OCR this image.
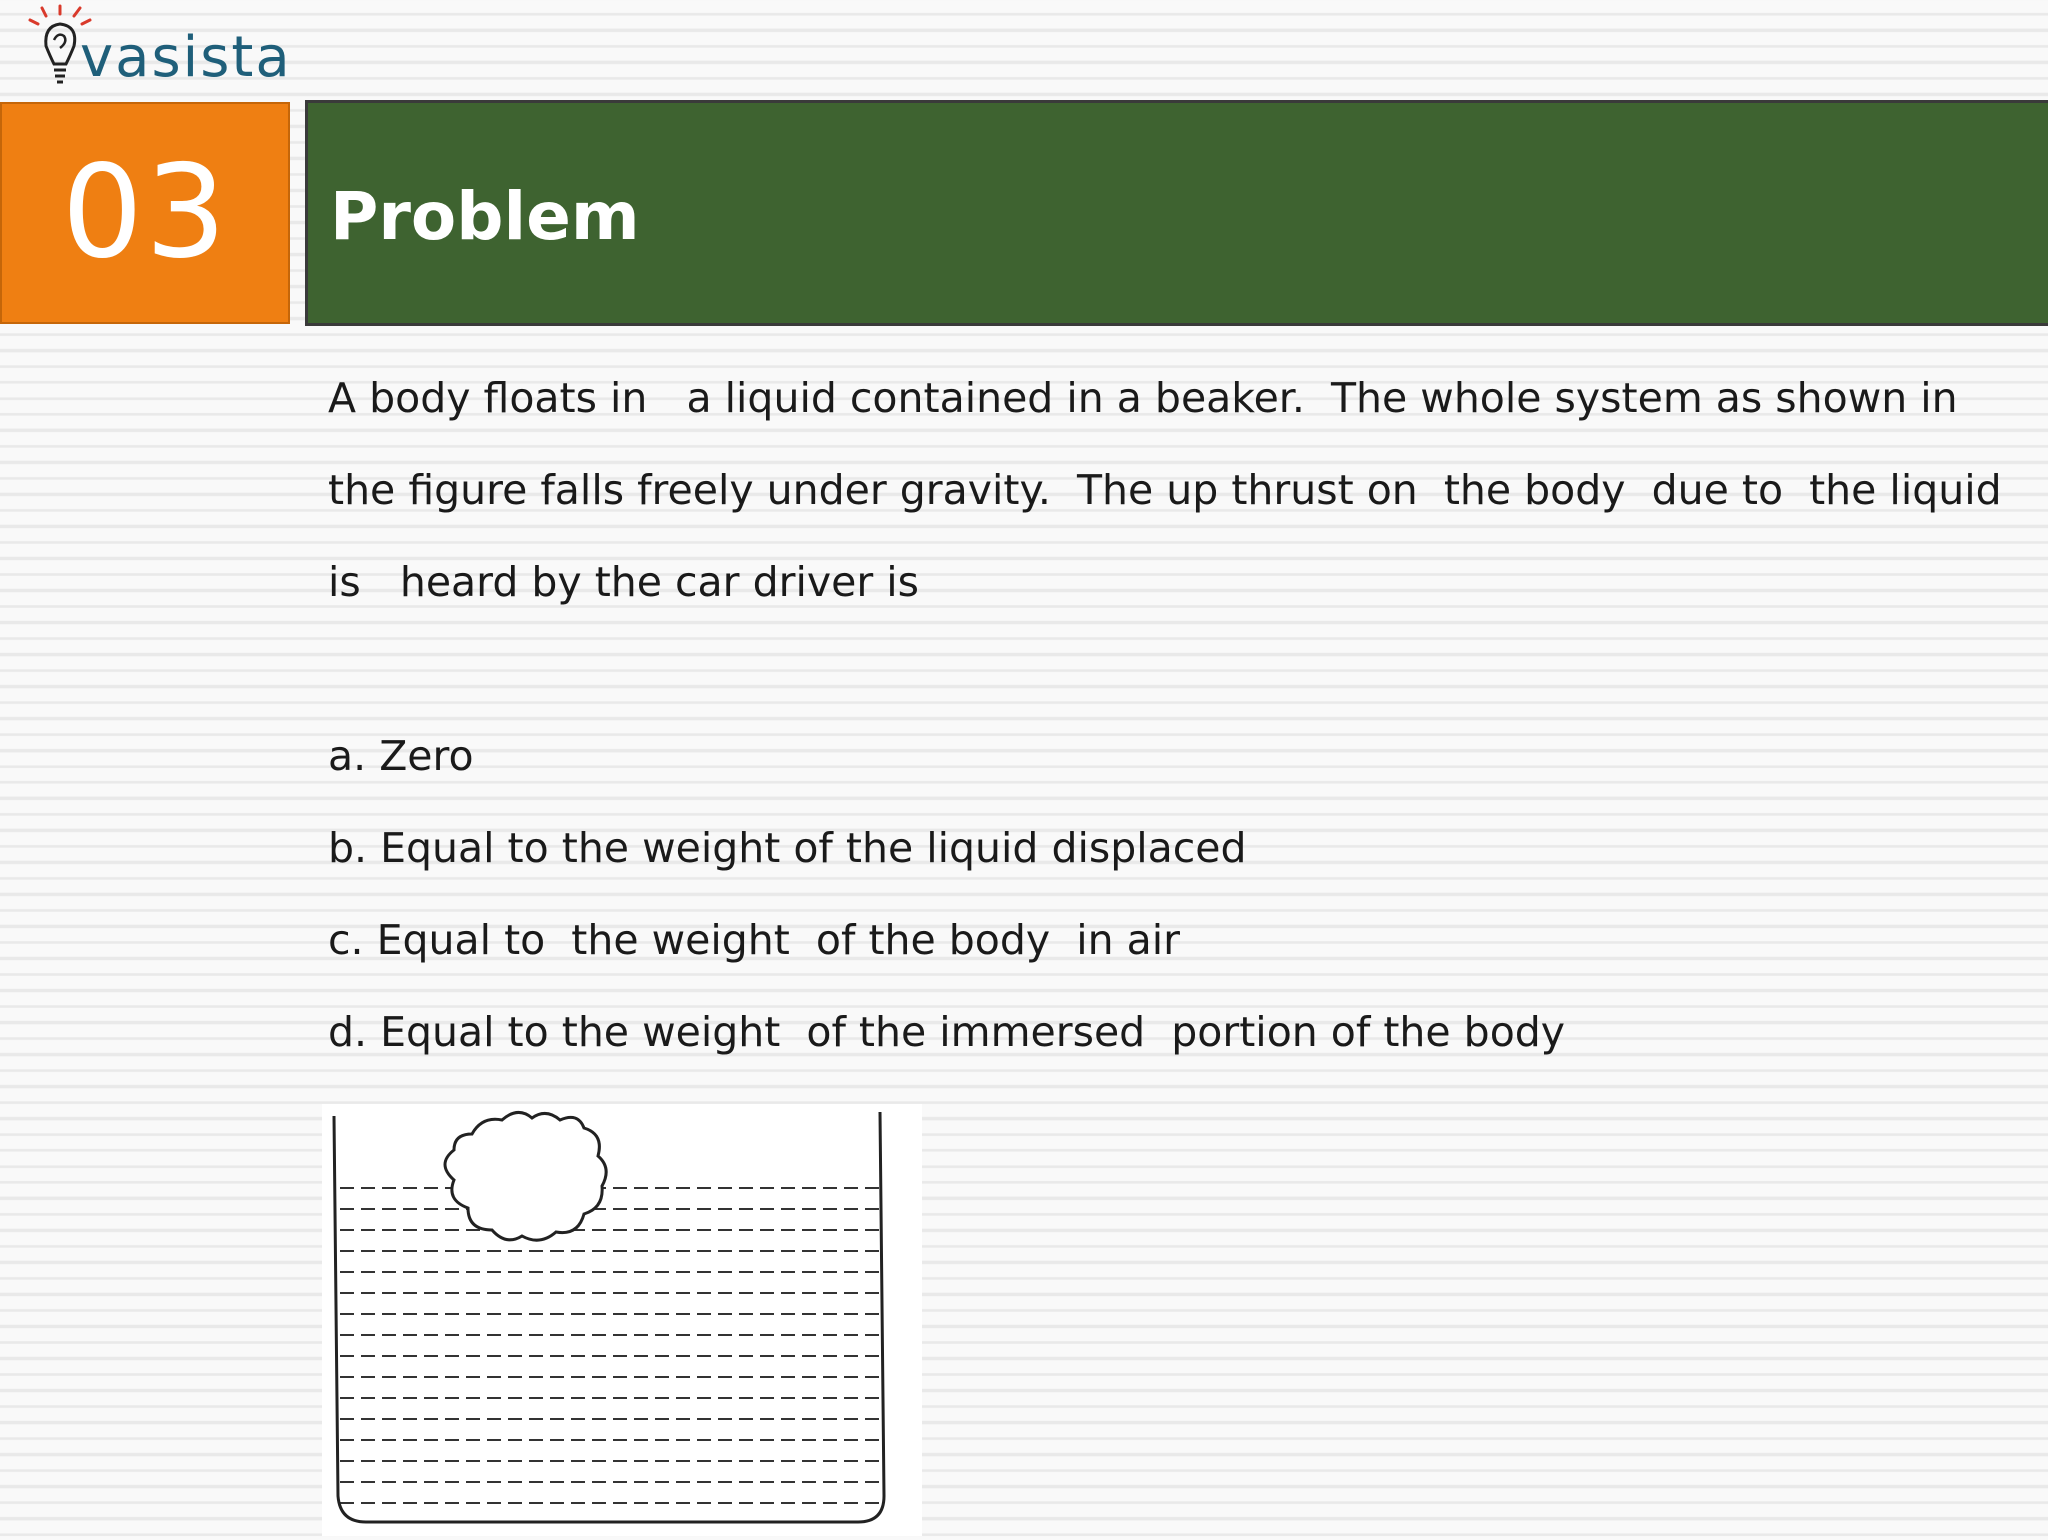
vasista
03 Problem

A body floats in   a liquid contained in a beaker.  The whole system as shown in the figure falls freely under gravity.  The up thrust on  the body  due to  the liquid is   heard by the car driver is

a. Zero
b. Equal to the weight of the liquid displaced
c. Equal to  the weight  of the body  in air
d. Equal to the weight  of the immersed  portion of the body
